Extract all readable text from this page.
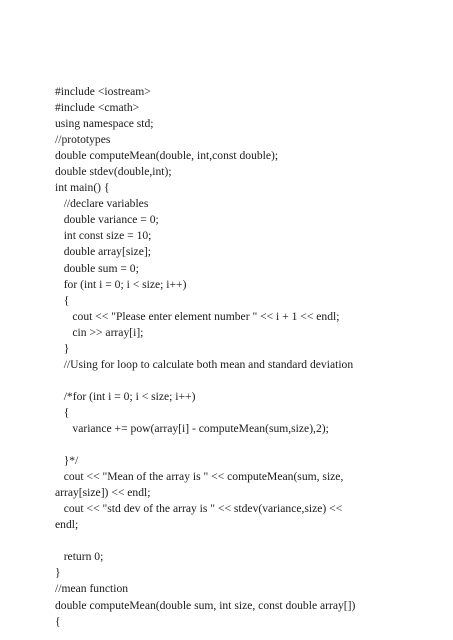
#include <iostream>
#include <cmath>
using namespace std;
//prototypes
double computeMean(double, int,const double);
double stdev(double,int);
int main() {
//declare variables
double variance = 0;
int const size = 10;
double array[size];
double sum = 0;
for (int i = 0; i < size; i++)
{
cout << "Please enter element number " << i + 1 << endl;
cin >> array[i];
}
//Using for loop to calculate both mean and standard deviation
/*for (int i = 0; i < size; i++)
{
variance += pow(array[i] - computeMean(sum,size),2);
}*/
cout << "Mean of the array is " << computeMean(sum, size,
array[size]) << endl;
cout << "std dev of the array is " << stdev(variance,size) <<
endl;
return 0;
}
//mean function
double computeMean(double sum, int size, const double array[])
{
